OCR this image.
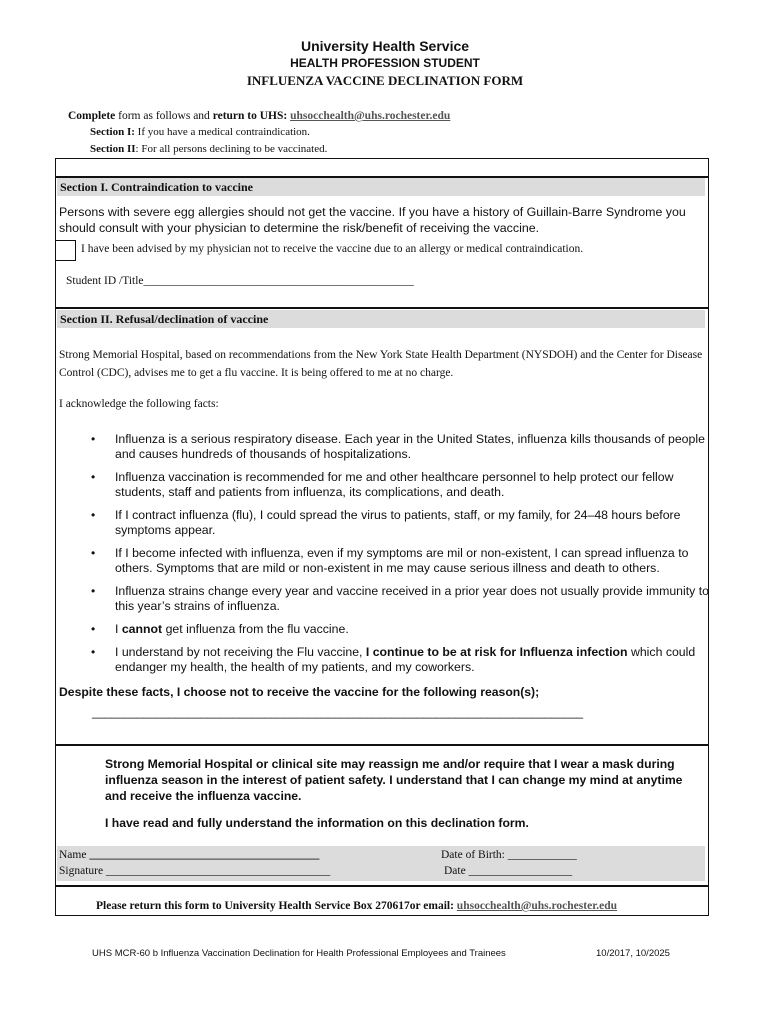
University Health Service
HEALTH PROFESSION STUDENT
INFLUENZA VACCINE DECLINATION FORM
Complete form as follows and return to UHS: uhsocchealth@uhs.rochester.edu
Section I: If you have a medical contraindication.
Section II: For all persons declining to be vaccinated.
Section I. Contraindication to vaccine
Persons with severe egg allergies should not get the vaccine. If you have a history of Guillain-Barre Syndrome you should consult with your physician to determine the risk/benefit of receiving the vaccine.
I have been advised by my physician not to receive the vaccine due to an allergy or medical contraindication.
Student ID /Title_______________________________________________
Section II. Refusal/declination of vaccine
Strong Memorial Hospital, based on recommendations from the New York State Health Department (NYSDOH) and the Center for Disease Control (CDC), advises me to get a flu vaccine. It is being offered to me at no charge.
I acknowledge the following facts:
• Influenza is a serious respiratory disease. Each year in the United States, influenza kills thousands of people and causes hundreds of thousands of hospitalizations.
• Influenza vaccination is recommended for me and other healthcare personnel to help protect our fellow students, staff and patients from influenza, its complications, and death.
• If I contract influenza (flu), I could spread the virus to patients, staff, or my family, for 24–48 hours before symptoms appear.
• If I become infected with influenza, even if my symptoms are mil or non-existent, I can spread influenza to others. Symptoms that are mild or non-existent in me may cause serious illness and death to others.
• Influenza strains change every year and vaccine received in a prior year does not usually provide immunity to this year’s strains of influenza.
• I cannot get influenza from the flu vaccine.
• I understand by not receiving the Flu vaccine, I continue to be at risk for Influenza infection which could endanger my health, the health of my patients, and my coworkers.
Despite these facts, I choose not to receive the vaccine for the following reason(s);
_____________________________________________________________________________
Strong Memorial Hospital or clinical site may reassign me and/or require that I wear a mask during influenza season in the interest of patient safety. I understand that I can change my mind at anytime and receive the influenza vaccine.
I have read and fully understand the information on this declination form.
Name ________________________________________
Signature _______________________________________
Date of Birth: ____________
Date __________________
Please return this form to University Health Service Box 270617or email: uhsocchealth@uhs.rochester.edu
UHS MCR-60 b Influenza Vaccination Declination for Health Professional Employees and Trainees	10/2017, 10/2025
